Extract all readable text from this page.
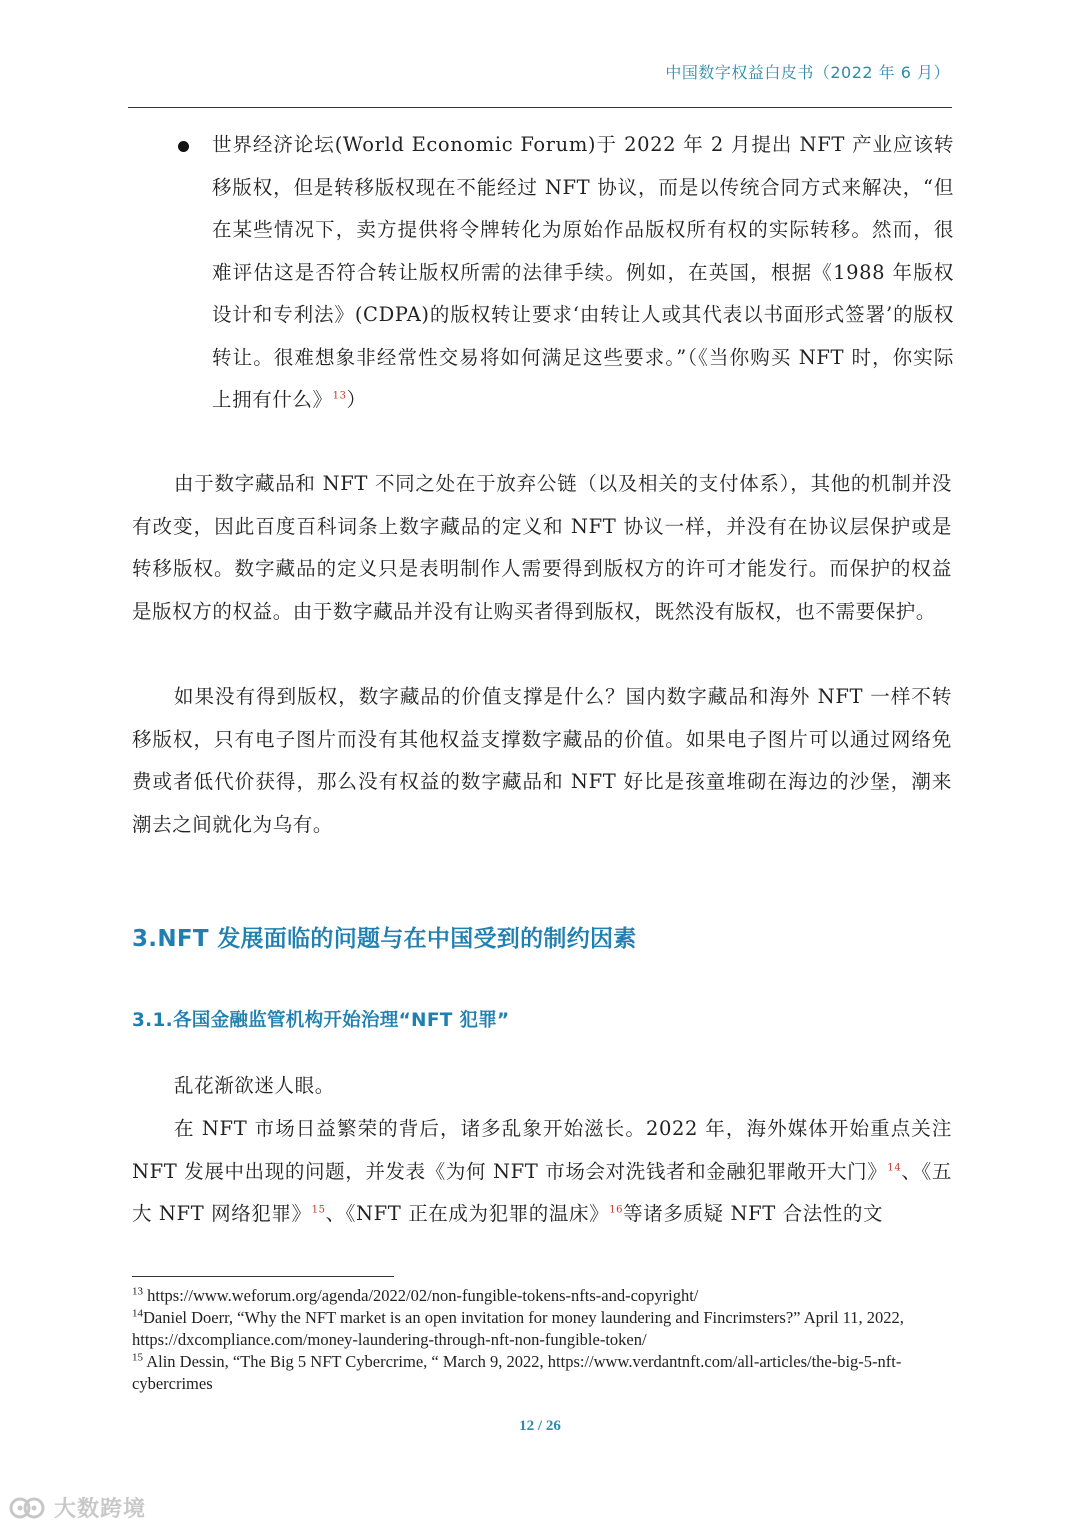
中国数字权益白皮书（2022 年 6 月）
世界经济论坛(World Economic Forum)于 2022 年 2 月提出 NFT 产业应该转移版权，但是转移版权现在不能经过 NFT 协议，而是以传统合同方式来解决，“但在某些情况下，卖方提供将令牌转化为原始作品版权所有权的实际转移。然而，很难评估这是否符合转让版权所需的法律手续。例如，在英国，根据《1988 年版权设计和专利法》(CDPA)的版权转让要求‘由转让人或其代表以书面形式签署’的版权转让。很难想象非经常性交易将如何满足这些要求。”（《当你购买 NFT 时，你实际上拥有什么》$^{13}$）

由于数字藏品和 NFT 不同之处在于放弃公链（以及相关的支付体系），其他的机制并没有改变，因此百度百科词条上数字藏品的定义和 NFT 协议一样，并没有在协议层保护或是转移版权。数字藏品的定义只是表明制作人需要得到版权方的许可才能发行。而保护的权益是版权方的权益。由于数字藏品并没有让购买者得到版权，既然没有版权，也不需要保护。

如果没有得到版权，数字藏品的价值支撑是什么？国内数字藏品和海外 NFT 一样不转移版权，只有电子图片而没有其他权益支撑数字藏品的价值。如果电子图片可以通过网络免费或者低代价获得，那么没有权益的数字藏品和 NFT 好比是孩童堆砌在海边的沙堡，潮来潮去之间就化为乌有。

3.NFT 发展面临的问题与在中国受到的制约因素
3.1.各国金融监管机构开始治理“NFT 犯罪”

乱花渐欲迷人眼。

在 NFT 市场日益繁荣的背后，诸多乱象开始滋长。2022 年，海外媒体开始重点关注 NFT 发展中出现的问题，并发表《为何 NFT 市场会对洗钱者和金融犯罪敞开大门》$^{14}$、《五大 NFT 网络犯罪》$^{15}$、《NFT 正在成为犯罪的温床》$^{16}$等诸多质疑 NFT 合法性的文

$^{13}$ https://www.weforum.org/agenda/2022/02/non-fungible-tokens-nfts-and-copyright/

$^{14}$Daniel Doerr, “Why the NFT market is an open invitation for money laundering and Fincrimsters?” April 11, 2022, https://dxcompliance.com/money-laundering-through-nft-non-fungible-token/

$^{15}$ Alin Dessin, “The Big 5 NFT Cybercrime, “ March 9, 2022, https://www.verdantnft.com/all-articles/the-big-5-nft-cybercrimes

12 / 26
大数跨境
